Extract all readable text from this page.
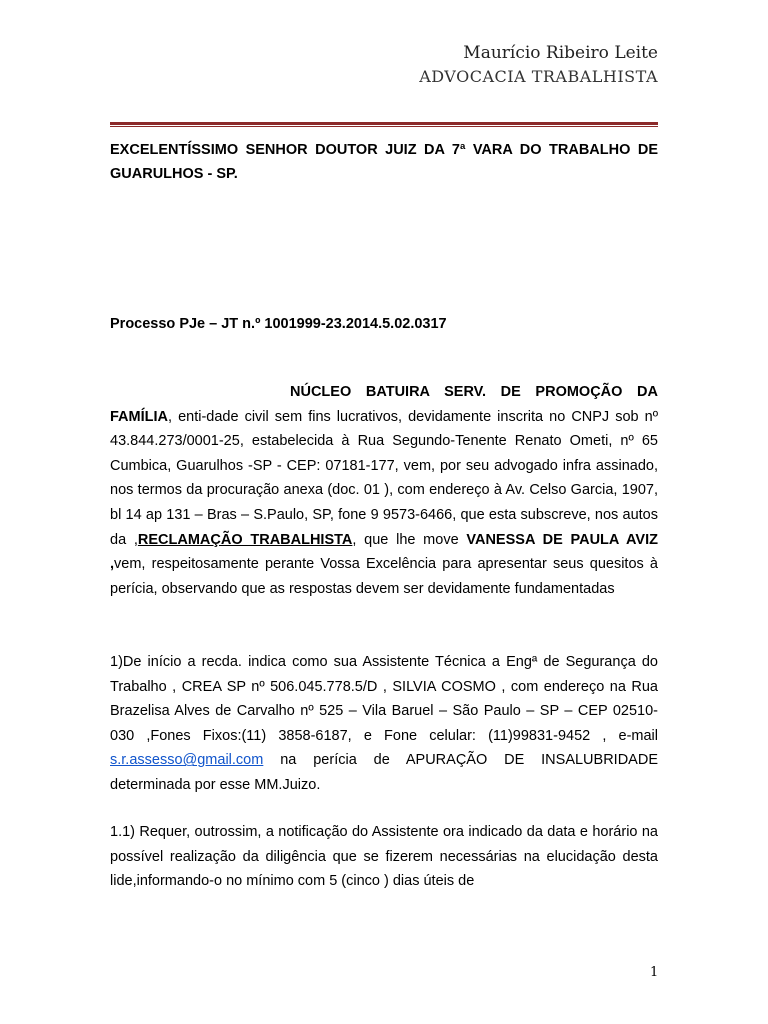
Maurício Ribeiro Leite
ADVOCACIA TRABALHISTA
EXCELENTÍSSIMO SENHOR DOUTOR JUIZ DA 7ª VARA DO TRABALHO DE GUARULHOS - SP.
Processo PJe – JT n.º 1001999-23.2014.5.02.0317
NÚCLEO BATUIRA SERV. DE PROMOÇÃO DA FAMÍLIA, enti-dade civil sem fins lucrativos, devidamente inscrita no CNPJ sob nº 43.844.273/0001-25, estabelecida à Rua Segundo-Tenente Renato Ometi, nº 65 Cumbica, Guarulhos -SP - CEP: 07181-177, vem, por seu advogado infra assinado, nos termos da procuração anexa (doc. 01 ), com endereço à Av. Celso Garcia, 1907, bl 14 ap 131 – Bras – S.Paulo, SP, fone 9 9573-6466, que esta subscreve, nos autos da ,RECLAMAÇÃO TRABALHISTA, que lhe move VANESSA DE PAULA AVIZ ,vem, respeitosamente perante Vossa Excelência para apresentar seus quesitos à perícia, observando que as respostas devem ser devidamente fundamentadas
1)De início a recda. indica como sua Assistente Técnica a Engª de Segurança do Trabalho , CREA SP nº 506.045.778.5/D , SILVIA COSMO , com endereço na Rua Brazelisa Alves de Carvalho nº 525 – Vila Baruel – São Paulo – SP – CEP 02510-030 ,Fones Fixos:(11) 3858-6187, e Fone celular: (11)99831-9452 , e-mail s.r.assesso@gmail.com na perícia de APURAÇÃO DE INSALUBRIDADE determinada por esse MM.Juizo.
1.1) Requer, outrossim, a notificação do Assistente ora indicado da data e horário na possível realização da diligência que se fizerem necessárias na elucidação desta lide,informando-o no mínimo com 5 (cinco ) dias úteis de
1
